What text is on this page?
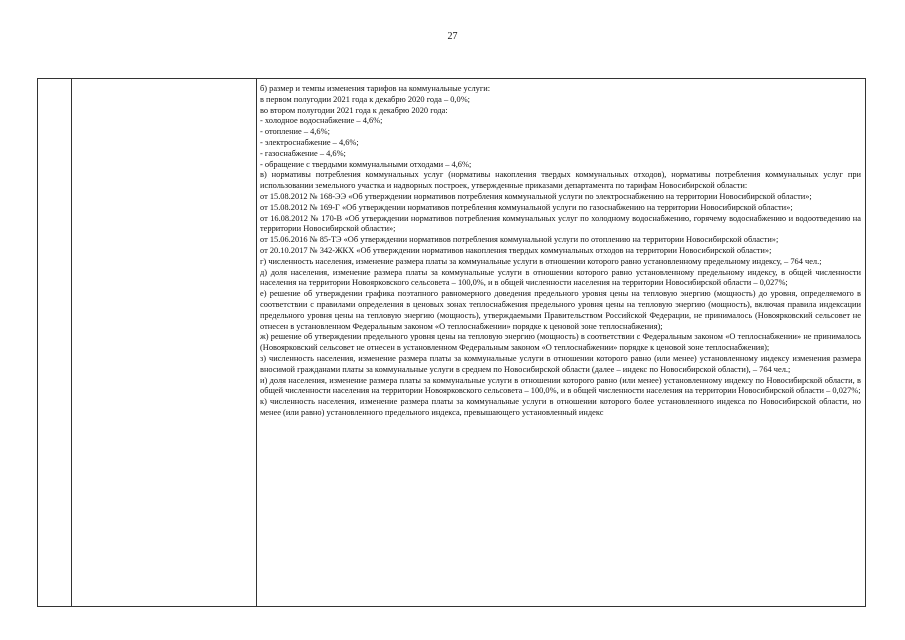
27

б) размер и темпы изменения тарифов на коммунальные услуги:

в первом полугодии 2021 года к декабрю 2020 года – 0,0%;

во втором полугодии 2021 года к декабрю 2020 года:

- холодное водоснабжение – 4,6%;

- отопление – 4,6%;

- электроснабжение – 4,6%;

- газоснабжение – 4,6%;

- обращение с твердыми коммунальными отходами – 4,6%;

в) нормативы потребления коммунальных услуг (нормативы накопления твердых коммунальных отходов), нормативы потребления коммунальных услуг при использовании земельного участка и надворных построек, утвержденные приказами департамента по тарифам Новосибирской области:

от 15.08.2012 № 168-ЭЭ «Об утверждении нормативов потребления коммунальной услуги по электроснабжению на территории Новосибирской области»;

от 15.08.2012 № 169-Г «Об утверждении нормативов потребления коммунальной услуги по газоснабжению на территории Новосибирской области»;

от 16.08.2012 № 170-В «Об утверждении нормативов потребления коммунальных услуг по холодному водоснабжению, горячему водоснабжению и водоотведению на территории Новосибирской области»;

от 15.06.2016 № 85-ТЭ «Об утверждении нормативов потребления коммунальной услуги по отоплению на территории Новосибирской области»;

от 20.10.2017 № 342-ЖКХ «Об утверждении нормативов накопления твердых коммунальных отходов на территории Новосибирской области»;

г) численность населения, изменение размера платы за коммунальные услуги в отношении которого равно установленному предельному индексу, – 764 чел.;

д) доля населения, изменение размера платы за коммунальные услуги в отношении которого равно установленному предельному индексу, в общей численности населения на территории Новоярковского сельсовета – 100,0%, и в общей численности населения на территории Новосибирской области – 0,027%;

е) решение об утверждении графика поэтапного равномерного доведения предельного уровня цены на тепловую энергию (мощность) до уровня, определяемого в соответствии с правилами определения в ценовых зонах теплоснабжения предельного уровня цены на тепловую энергию (мощность), включая правила индексации предельного уровня цены на тепловую энергию (мощность), утверждаемыми Правительством Российской Федерации, не принималось (Новоярковский сельсовет не отнесен в установленном Федеральным законом «О теплоснабжении» порядке к ценовой зоне теплоснабжения);

ж) решение об утверждении предельного уровня цены на тепловую энергию (мощность) в соответствии с Федеральным законом «О теплоснабжении» не принималось (Новоярковский сельсовет не отнесен в установленном Федеральным законом «О теплоснабжении» порядке к ценовой зоне теплоснабжения);

з) численность населения, изменение размера платы за коммунальные услуги в отношении которого равно (или менее) установленному индексу изменения размера вносимой гражданами платы за коммунальные услуги в среднем по Новосибирской области (далее – индекс по Новосибирской области), – 764 чел.;

и) доля населения, изменение размера платы за коммунальные услуги в отношении которого равно (или менее) установленному индексу по Новосибирской области, в общей численности населения на территории Новоярковского сельсовета – 100,0%, и в общей численности населения на территории Новосибирской области – 0,027%;

к) численность населения, изменение размера платы за коммунальные услуги в отношении которого более установленного индекса по Новосибирской области, но менее (или равно) установленного предельного индекса, превышающего установленный индекс
